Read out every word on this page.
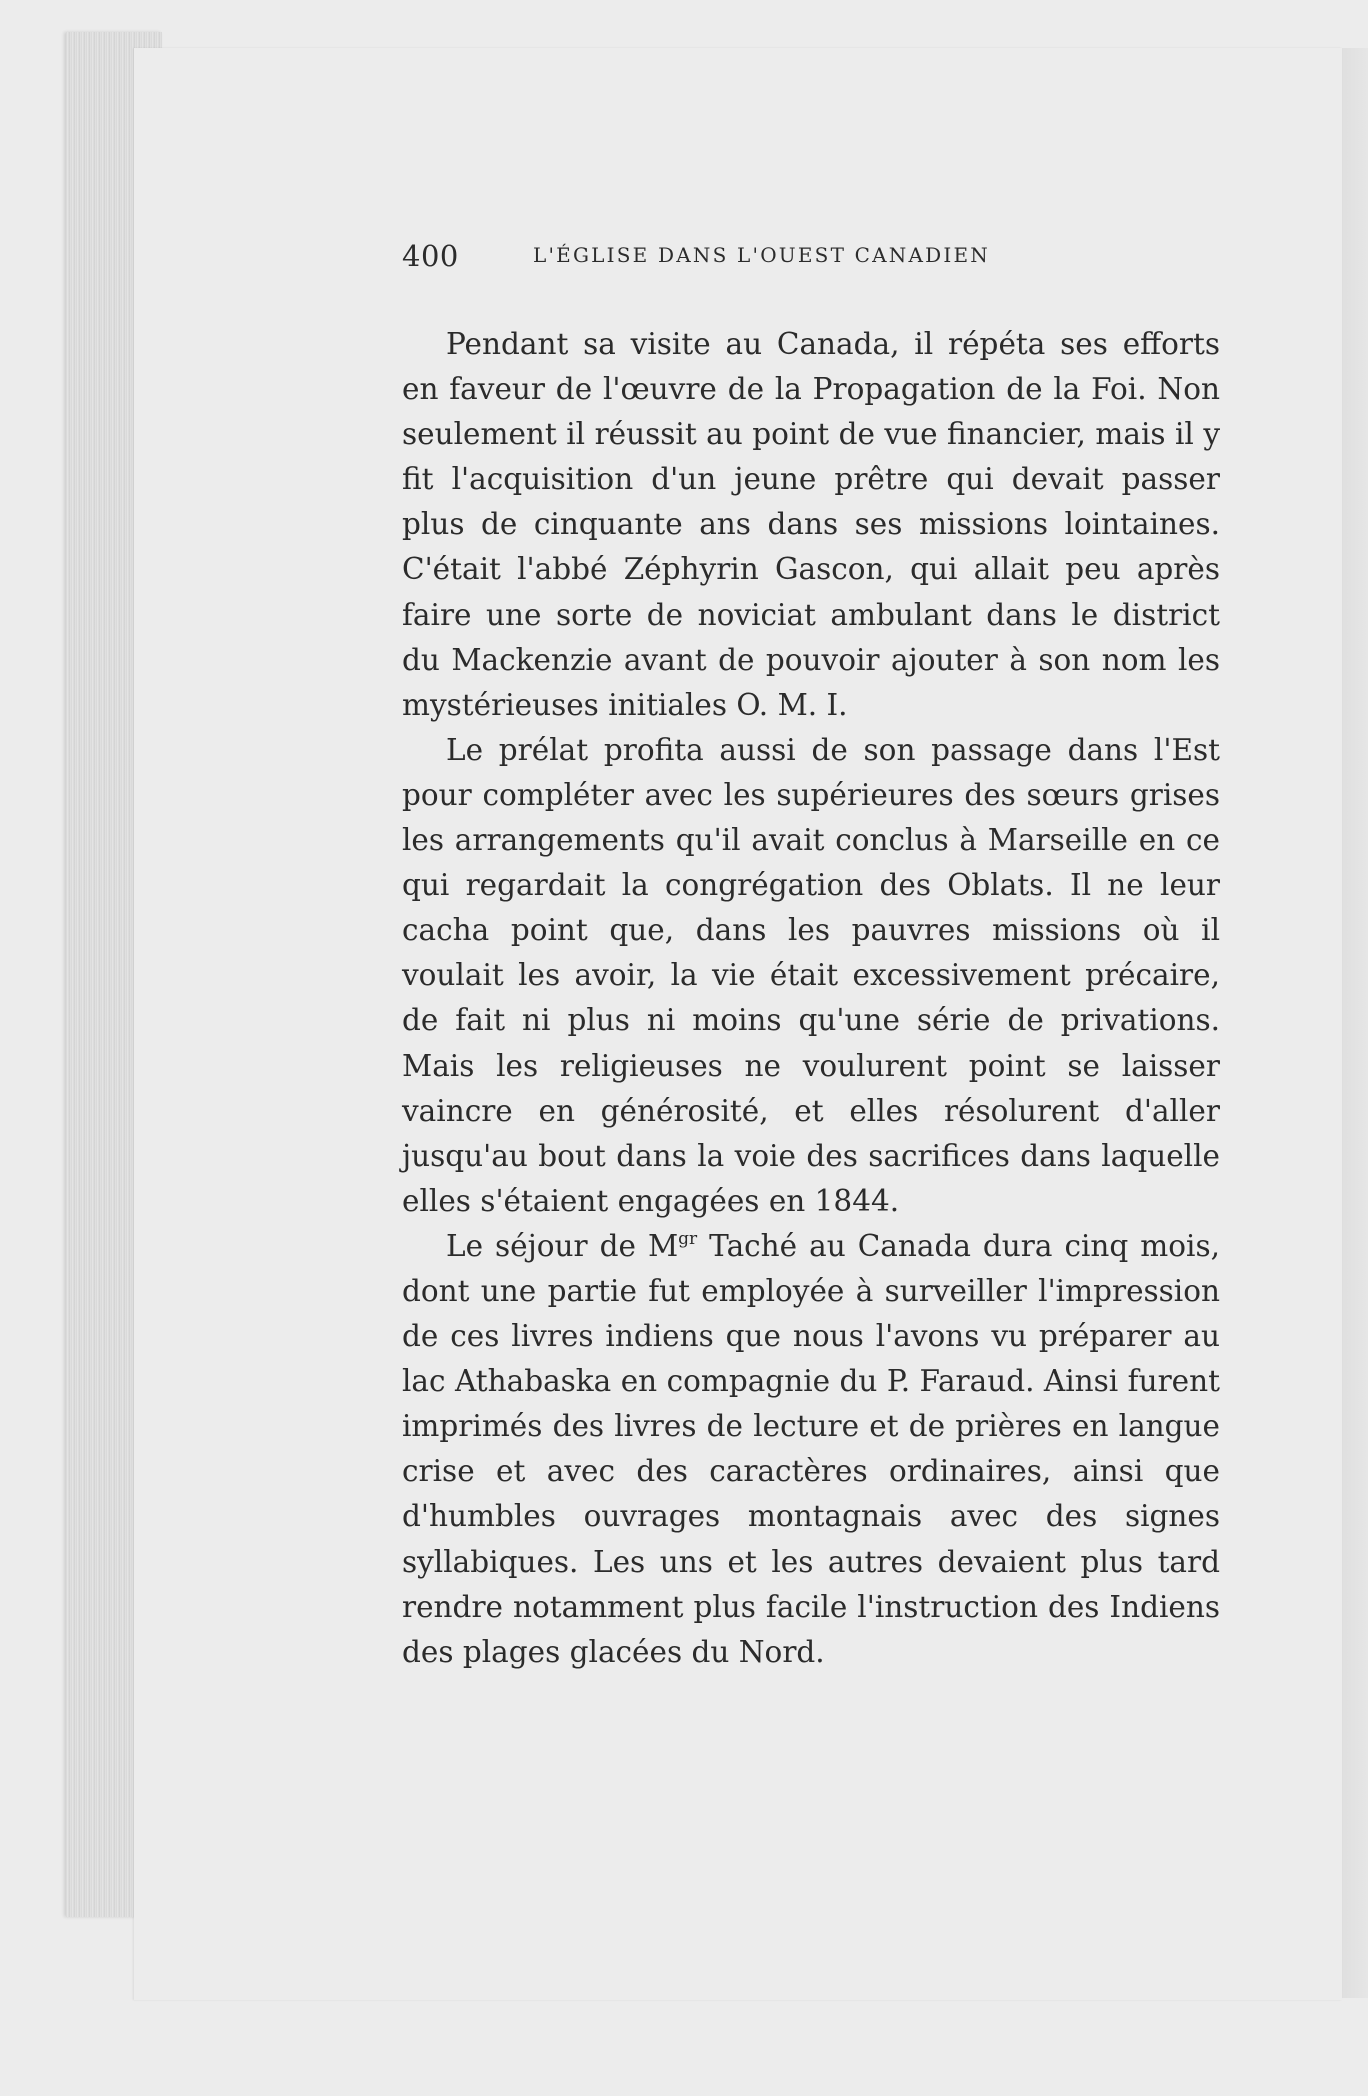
400	L'ÉGLISE DANS L'OUEST CANADIEN

Pendant sa visite au Canada, il répéta ses efforts en faveur de l'œuvre de la Propagation de la Foi. Non seulement il réussit au point de vue financier, mais il y fit l'acquisition d'un jeune prêtre qui devait passer plus de cinquante ans dans ses missions lointaines. C'était l'abbé Zéphyrin Gascon, qui allait peu après faire une sorte de noviciat ambulant dans le district du Mackenzie avant de pouvoir ajouter à son nom les mystérieuses initiales O. M. I.

Le prélat profita aussi de son passage dans l'Est pour compléter avec les supérieures des sœurs grises les arrangements qu'il avait conclus à Marseille en ce qui regardait la congrégation des Oblats. Il ne leur cacha point que, dans les pauvres missions où il voulait les avoir, la vie était excessivement précaire, de fait ni plus ni moins qu'une série de privations. Mais les religieuses ne voulurent point se laisser vaincre en générosité, et elles résolurent d'aller jusqu'au bout dans la voie des sacrifices dans laquelle elles s'étaient engagées en 1844.

Le séjour de $M^{gr}$ Taché au Canada dura cinq mois, dont une partie fut employée à surveiller l'impression de ces livres indiens que nous l'avons vu préparer au lac Athabaska en compagnie du P. Faraud. Ainsi furent imprimés des livres de lecture et de prières en langue crise et avec des caractères ordinaires, ainsi que d'humbles ouvrages montagnais avec des signes syllabiques. Les uns et les autres devaient plus tard rendre notamment plus facile l'instruction des Indiens des plages glacées du Nord.
